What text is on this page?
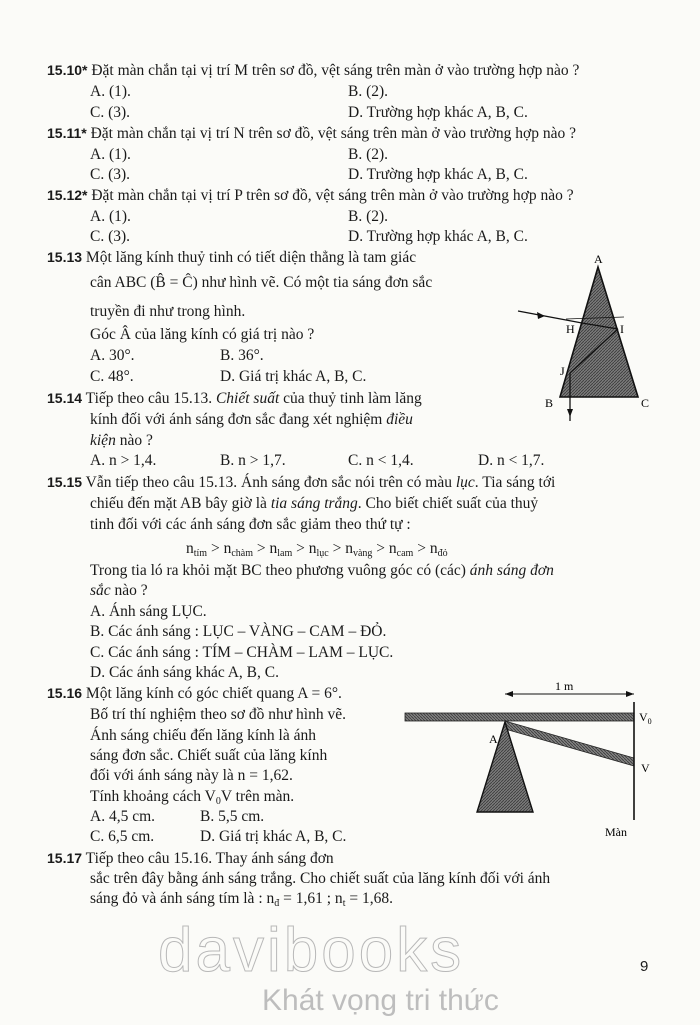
15.10* Đặt màn chắn tại vị trí M trên sơ đồ, vệt sáng trên màn ở vào trường hợp nào ?
A. (1).	B. (2).
C. (3).	D. Trường hợp khác A, B, C.
15.11* Đặt màn chắn tại vị trí N trên sơ đồ, vệt sáng trên màn ở vào trường hợp nào ?
A. (1).	B. (2).
C. (3).	D. Trường hợp khác A, B, C.
15.12* Đặt màn chắn tại vị trí P trên sơ đồ, vệt sáng trên màn ở vào trường hợp nào ?
A. (1).	B. (2).
C. (3).	D. Trường hợp khác A, B, C.
15.13 Một lăng kính thuỷ tinh có tiết diện thẳng là tam giác
cân ABC (B̂ = Ĉ) như hình vẽ. Có một tia sáng đơn sắc
truyền đi như trong hình.
Góc Â của lăng kính có giá trị nào ?
A. 30°.	B. 36°.
C. 48°.	D. Giá trị khác A, B, C.
A
B	C
H	I
J
15.14 Tiếp theo câu 15.13. Chiết suất của thuỷ tinh làm lăng
kính đối với ánh sáng đơn sắc đang xét nghiệm điều
kiện nào ?
A. n > 1,4.	B. n > 1,7.	C. n < 1,4.	D. n < 1,7.
15.15 Vẫn tiếp theo câu 15.13. Ánh sáng đơn sắc nói trên có màu lục. Tia sáng tới
chiếu đến mặt AB bây giờ là tia sáng trắng. Cho biết chiết suất của thuỷ
tinh đối với các ánh sáng đơn sắc giảm theo thứ tự :
$n_{tím} > n_{chàm} > n_{lam} > n_{lục} > n_{vàng} > n_{cam} > n_{đỏ}$
Trong tia ló ra khỏi mặt BC theo phương vuông góc có (các) ánh sáng đơn
sắc nào ?
A. Ánh sáng LỤC.
B. Các ánh sáng : LỤC – VÀNG – CAM – ĐỎ.
C. Các ánh sáng : TÍM – CHÀM – LAM – LỤC.
D. Các ánh sáng khác A, B, C.
15.16 Một lăng kính có góc chiết quang A = 6°.
Bố trí thí nghiệm theo sơ đồ như hình vẽ.
Ánh sáng chiếu đến lăng kính là ánh
sáng đơn sắc. Chiết suất của lăng kính
đối với ánh sáng này là n = 1,62.
Tính khoảng cách $V_0V$ trên màn.
A. 4,5 cm.	B. 5,5 cm.
C. 6,5 cm.	D. Giá trị khác A, B, C.
1 m
A
$V_0$
V
Màn
15.17 Tiếp theo câu 15.16. Thay ánh sáng đơn
sắc trên đây bằng ánh sáng trắng. Cho chiết suất của lăng kính đối với ánh
sáng đỏ và ánh sáng tím là : $n_đ = 1,61$ ; $n_t = 1,68$.
davibooks
Khát vọng tri thức
9
